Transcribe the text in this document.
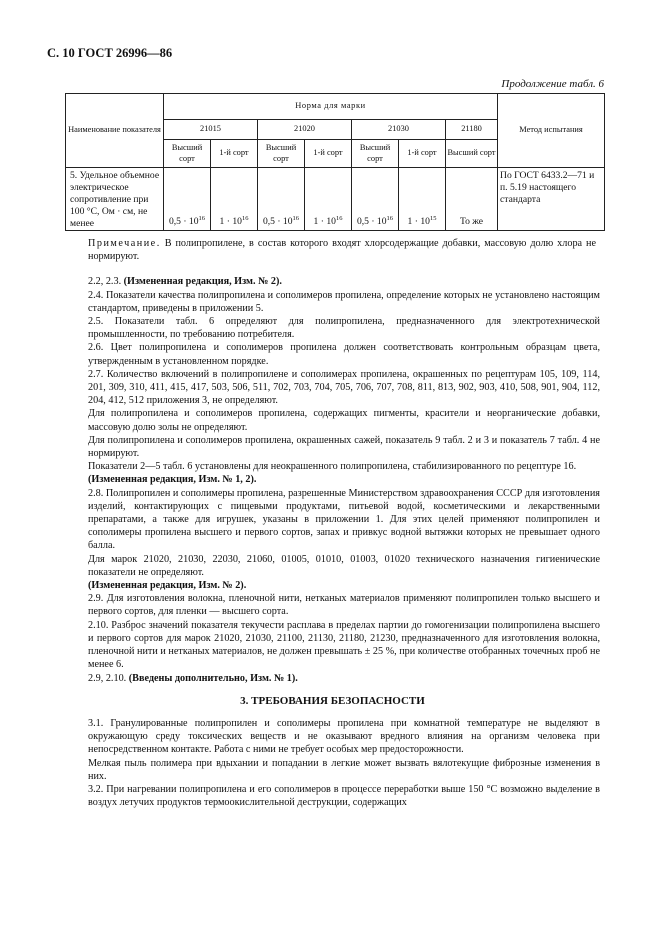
С. 10 ГОСТ 26996—86
Продолжение табл. 6
Наименование показателя	Норма для марки							Метод испытания
	21015		21020		21030		21180	
	Высший сорт	1-й сорт	Высший сорт	1-й сорт	Высший сорт	1-й сорт	Высший сорт	
5. Удельное объемное электрическое сопротивление при 100 °С, Ом · см, не менее	$0,5 \cdot 10^{16}$	$1 \cdot 10^{16}$	$0,5 \cdot 10^{16}$	$1 \cdot 10^{16}$	$0,5 \cdot 10^{16}$	$1 \cdot 10^{15}$	То же	По ГОСТ 6433.2—71 и п. 5.19 настоящего стандарта

Примечание. В полипропилене, в состав которого входят хлорсодержащие добавки, массовую долю хлора не нормируют.

2.2, 2.3. (Измененная редакция, Изм. № 2).

2.4. Показатели качества полипропилена и сополимеров пропилена, определение которых не установлено настоящим стандартом, приведены в приложении 5.

2.5. Показатели табл. 6 определяют для полипропилена, предназначенного для электротехнической промышленности, по требованию потребителя.

2.6. Цвет полипропилена и сополимеров пропилена должен соответствовать контрольным образцам цвета, утвержденным в установленном порядке.

2.7. Количество включений в полипропилене и сополимерах пропилена, окрашенных по рецептурам 105, 109, 114, 201, 309, 310, 411, 415, 417, 503, 506, 511, 702, 703, 704, 705, 706, 707, 708, 811, 813, 902, 903, 410, 508, 901, 904, 112, 204, 412, 512 приложения 3, не определяют.

Для полипропилена и сополимеров пропилена, содержащих пигменты, красители и неорганические добавки, массовую долю золы не определяют.

Для полипропилена и сополимеров пропилена, окрашенных сажей, показатель 9 табл. 2 и 3 и показатель 7 табл. 4 не нормируют.

Показатели 2—5 табл. 6 установлены для неокрашенного полипропилена, стабилизированного по рецептуре 16.

(Измененная редакция, Изм. № 1, 2).

2.8. Полипропилен и сополимеры пропилена, разрешенные Министерством здравоохранения СССР для изготовления изделий, контактирующих с пищевыми продуктами, питьевой водой, косметическими и лекарственными препаратами, а также для игрушек, указаны в приложении 1. Для этих целей применяют полипропилен и сополимеры пропилена высшего и первого сортов, запах и привкус водной вытяжки которых не превышает одного балла.

Для марок 21020, 21030, 22030, 21060, 01005, 01010, 01003, 01020 технического назначения гигиенические показатели не определяют.

(Измененная редакция, Изм. № 2).

2.9. Для изготовления волокна, пленочной нити, нетканых материалов применяют полипропилен только высшего и первого сортов, для пленки — высшего сорта.

2.10. Разброс значений показателя текучести расплава в пределах партии до гомогенизации полипропилена высшего и первого сортов для марок 21020, 21030, 21100, 21130, 21180, 21230, предназначенного для изготовления волокна, пленочной нити и нетканых материалов, не должен превышать ± 25 %, при количестве отобранных точечных проб не менее 6.

2.9, 2.10. (Введены дополнительно, Изм. № 1).

3. ТРЕБОВАНИЯ БЕЗОПАСНОСТИ

3.1. Гранулированные полипропилен и сополимеры пропилена при комнатной температуре не выделяют в окружающую среду токсических веществ и не оказывают вредного влияния на организм человека при непосредственном контакте. Работа с ними не требует особых мер предосторожности.

Мелкая пыль полимера при вдыхании и попадании в легкие может вызвать вялотекущие фиброзные изменения в них.

3.2. При нагревании полипропилена и его сополимеров в процессе переработки выше 150 °С возможно выделение в воздух летучих продуктов термоокислительной деструкции, содержащих
